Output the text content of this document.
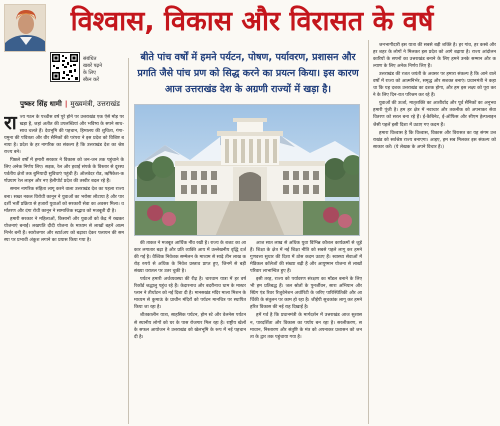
विश्वास, विकास और विरासत के वर्ष
संबंधित खबरें पढ़ने के लिए स्कैन करें
पुष्कर सिंह धामी | मुख्यमंत्री, उत्तराखंड
बीते पांच वर्षों में हमने पर्यटन, पोषण, पर्यावरण, प्रशासन और प्रगति जैसे पांच प्रण को सिद्ध करने का प्रयत्न किया। इस कारण आज उत्तराखंड देश के अग्रणी राज्यों में खड़ा है।

राज्य गठन के पच्चीस वर्ष पूरे होने पर उत्तराखंड एक ऐसे मोड़ पर खड़ा है, जहां अतीत की उपलब्धियां और भविष्य के सपने साथ-साथ चलते हैं। देवभूमि की पहचान, हिमालय की शुचिता, गंगा-यमुना की पवित्रता और वीर सैनिकों की परंपरा ने इस प्रदेश को विशिष्ट बनाया है। प्रदेश के हर नागरिक का संकल्प है कि उत्तराखंड देश का श्रेष्ठ राज्य बने।

पिछले वर्षों में हमारी सरकार ने विकास को जन-जन तक पहुंचाने के लिए अनेक निर्णय लिए। सड़क, रेल और हवाई संपर्क के विस्तार से दूरस्थ पर्वतीय क्षेत्रों तक बुनियादी सुविधाएं पहुंची हैं। ऑलवेदर रोड, ऋषिकेश-कर्णप्रयाग रेल लाइन और नए हेलीपोर्ट प्रदेश की तस्वीर बदल रहे हैं।

समान नागरिक संहिता लागू करने वाला उत्तराखंड देश का पहला राज्य बना। सख्त नकल विरोधी कानून ने युवाओं का भरोसा लौटाया है और पारदर्शी भर्ती प्रक्रिया से हजारों युवाओं को सरकारी सेवा का अवसर मिला। धर्मांतरण और दंगा रोधी कानून ने सामाजिक सद्भाव को मजबूती दी है।

हमारी सरकार ने महिलाओं, किसानों और युवाओं को केंद्र में रखकर योजनाएं बनाईं। लखपति दीदी योजना के माध्यम से लाखों बहनें आत्मनिर्भर बनी हैं। स्वरोजगार और स्टार्टअप को बढ़ावा देकर पलायन की समस्या पर प्रभावी अंकुश लगाने का प्रयास किया गया है।

की ताकत ने मजबूत आर्थिक नींव रखी है। राज्य के बजट का आकार लगातार बढ़ा है और प्रति व्यक्ति आय में उल्लेखनीय वृद्धि दर्ज की गई है। वैश्विक निवेशक सम्मेलन के माध्यम से साढ़े तीन लाख करोड़ रुपये से अधिक के निवेश प्रस्ताव प्राप्त हुए, जिनमें से बड़ी संख्या धरातल पर उतर चुकी है।

पर्यटन हमारी अर्थव्यवस्था की रीढ़ है। चारधाम यात्रा में हर वर्ष रिकॉर्ड श्रद्धालु पहुंच रहे हैं। केदारनाथ और बदरीनाथ धाम के मास्टर प्लान ने तीर्थाटन को नई दिशा दी है। मानसखंड मंदिर माला मिशन के माध्यम से कुमाऊं के प्राचीन मंदिरों को पर्यटन मानचित्र पर स्थापित किया जा रहा है।

शीतकालीन यात्रा, साहसिक पर्यटन, होम स्टे और वेलनेस पर्यटन से स्थानीय लोगों को घर के पास रोजगार मिल रहा है। राष्ट्रीय खेलों के सफल आयोजन ने उत्तराखंड को खेलभूमि के रूप में नई पहचान दी है।

आज सात लाख से अधिक युवा विभिन्न कौशल कार्यक्रमों से जुड़े हैं। शिक्षा के क्षेत्र में नई शिक्षा नीति को सबसे पहले लागू कर हमने गुणवत्ता सुधार की दिशा में ठोस कदम उठाए हैं। स्वास्थ्य सेवाओं में मेडिकल कॉलेजों की संख्या बढ़ी है और आयुष्मान योजना से लाखों परिवार लाभान्वित हुए हैं।

इसी तरह, राज्य को पर्यावरण संरक्षण का मॉडल बनाने के लिए भी हम प्रतिबद्ध हैं। जल स्रोतों के पुनर्जीवन, सारा अभियान और स्प्रिंग एंड रिवर रिजुवेनेशन अथॉरिटी के जरिए पारिस्थितिकी और आर्थिकी के संतुलन पर काम हो रहा है। जीईपी सूचकांक लागू कर हमने हरित विकास की नई राह दिखाई है।

हमें गर्व है कि प्रधानमंत्री के मार्गदर्शन में उत्तराखंड आज सुशासन, पारदर्शिता और विकास का पर्याय बन रहा है। सरलीकरण, समाधान, निस्तारण और संतुष्टि के मंत्र को अपनाकर प्रशासन को जनता के द्वार तक पहुंचाया गया है।

जनभागीदारी इस यात्रा की सबसे बड़ी शक्ति है। हर गांव, हर कस्बे और हर शहर के लोगों ने मिलकर इस प्रदेश को आगे बढ़ाया है। राज्य आंदोलनकारियों के सपनों का उत्तराखंड बनाने के लिए हमने उनके सम्मान और कल्याण के लिए अनेक निर्णय लिए हैं।

उत्तराखंड की रजत जयंती के अवसर पर हमारा संकल्प है कि आने वाले वर्षों में राज्य को आत्मनिर्भर, समृद्ध और सशक्त बनाएं। प्रधानमंत्री ने कहा था कि यह दशक उत्तराखंड का दशक होगा, और हम इस लक्ष्य को पूरा करने के लिए दिन-रात परिश्रम कर रहे हैं।

युवाओं की ऊर्जा, मातृशक्ति का आशीर्वाद और पूर्व सैनिकों का अनुभव हमारी पूंजी है। हम हर क्षेत्र में नवाचार और तकनीक को अपनाकर सेवा वितरण को सरल बना रहे हैं। ई-कैबिनेट, ई-ऑफिस और सीएम हेल्पलाइन जैसी पहलें इसी दिशा में उठाए गए कदम हैं।

हमारा विश्वास है कि विश्वास, विकास और विरासत का यह संगम उत्तराखंड को सर्वश्रेष्ठ राज्य बनाएगा। आइए, हम सब मिलकर इस संकल्प को साकार करें। (ये लेखक के अपने विचार हैं।)
